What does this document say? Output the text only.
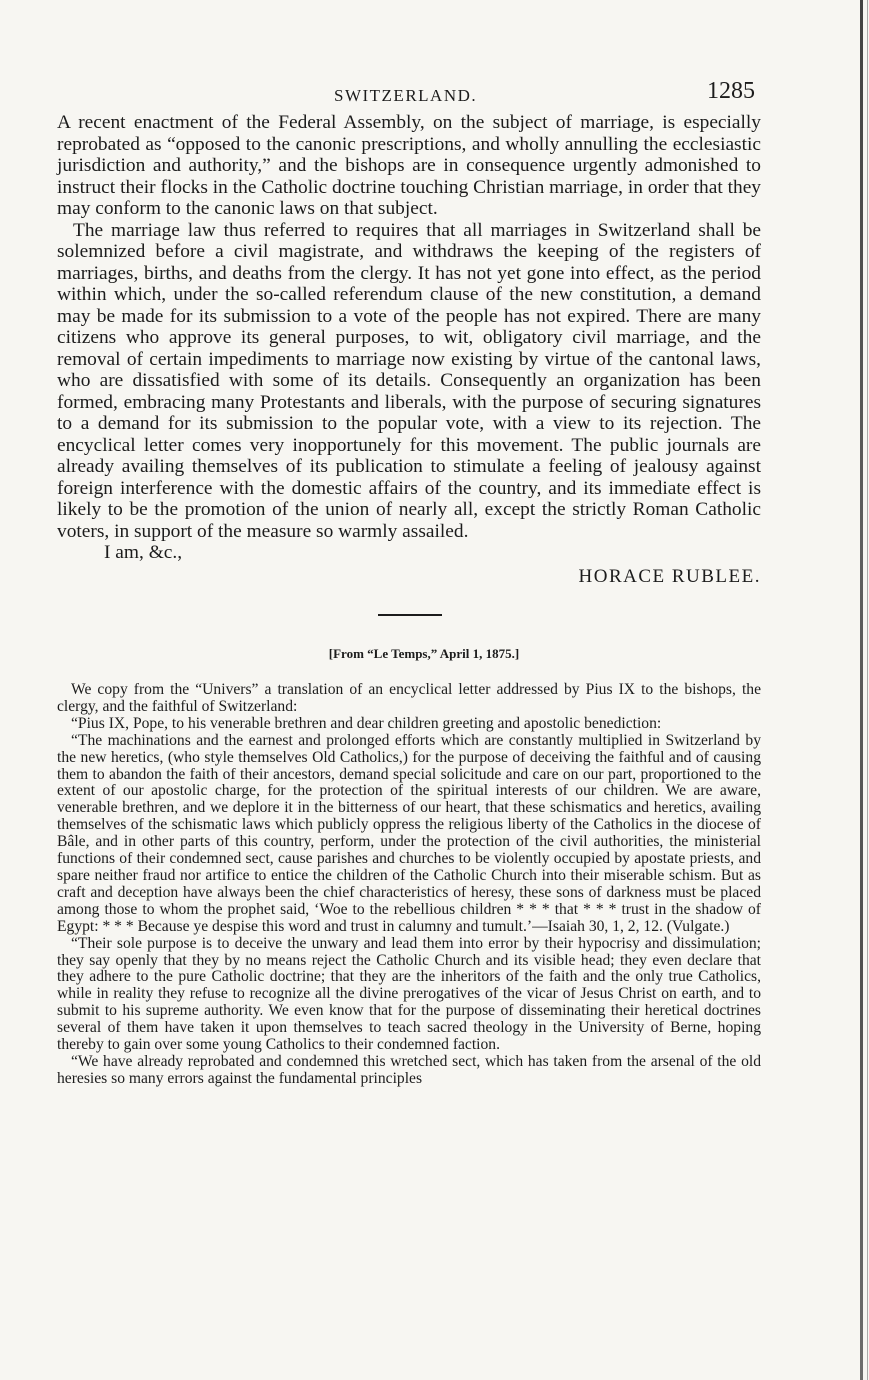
SWITZERLAND.	1285

A recent enactment of the Federal Assembly, on the subject of marriage, is especially reprobated as “opposed to the canonic prescriptions, and wholly annulling the ecclesiastic jurisdiction and authority,” and the bishops are in consequence urgently admonished to instruct their flocks in the Catholic doctrine touching Christian marriage, in order that they may conform to the canonic laws on that subject.

The marriage law thus referred to requires that all marriages in Switzerland shall be solemnized before a civil magistrate, and withdraws the keeping of the registers of marriages, births, and deaths from the clergy. It has not yet gone into effect, as the period within which, under the so-called referendum clause of the new constitution, a demand may be made for its submission to a vote of the people has not expired. There are many citizens who approve its general purposes, to wit, obligatory civil marriage, and the removal of certain impediments to marriage now existing by virtue of the cantonal laws, who are dissatisfied with some of its details. Consequently an organization has been formed, embracing many Protestants and liberals, with the purpose of securing signatures to a demand for its submission to the popular vote, with a view to its rejection. The encyclical letter comes very inopportunely for this movement. The public journals are already availing themselves of its publication to stimulate a feeling of jealousy against foreign interference with the domestic affairs of the country, and its immediate effect is likely to be the promotion of the union of nearly all, except the strictly Roman Catholic voters, in support of the measure so warmly assailed.

I am, &c.,
HORACE RUBLEE.
[From “Le Temps,” April 1, 1875.]

We copy from the “Univers” a translation of an encyclical letter addressed by Pius IX to the bishops, the clergy, and the faithful of Switzerland:

“Pius IX, Pope, to his venerable brethren and dear children greeting and apostolic benediction:

“The machinations and the earnest and prolonged efforts which are constantly multiplied in Switzerland by the new heretics, (who style themselves Old Catholics,) for the purpose of deceiving the faithful and of causing them to abandon the faith of their ancestors, demand special solicitude and care on our part, proportioned to the extent of our apostolic charge, for the protection of the spiritual interests of our children. We are aware, venerable brethren, and we deplore it in the bitterness of our heart, that these schismatics and heretics, availing themselves of the schismatic laws which publicly oppress the religious liberty of the Catholics in the diocese of Bâle, and in other parts of this country, perform, under the protection of the civil authorities, the ministerial functions of their condemned sect, cause parishes and churches to be violently occupied by apostate priests, and spare neither fraud nor artifice to entice the children of the Catholic Church into their miserable schism. But as craft and deception have always been the chief characteristics of heresy, these sons of darkness must be placed among those to whom the prophet said, ‘Woe to the rebellious children * * * that * * * trust in the shadow of Egypt: * * * Because ye despise this word and trust in calumny and tumult.’—Isaiah 30, 1, 2, 12. (Vulgate.)

“Their sole purpose is to deceive the unwary and lead them into error by their hypocrisy and dissimulation; they say openly that they by no means reject the Catholic Church and its visible head; they even declare that they adhere to the pure Catholic doctrine; that they are the inheritors of the faith and the only true Catholics, while in reality they refuse to recognize all the divine prerogatives of the vicar of Jesus Christ on earth, and to submit to his supreme authority. We even know that for the purpose of disseminating their heretical doctrines several of them have taken it upon themselves to teach sacred theology in the University of Berne, hoping thereby to gain over some young Catholics to their condemned faction.

“We have already reprobated and condemned this wretched sect, which has taken from the arsenal of the old heresies so many errors against the fundamental principles
